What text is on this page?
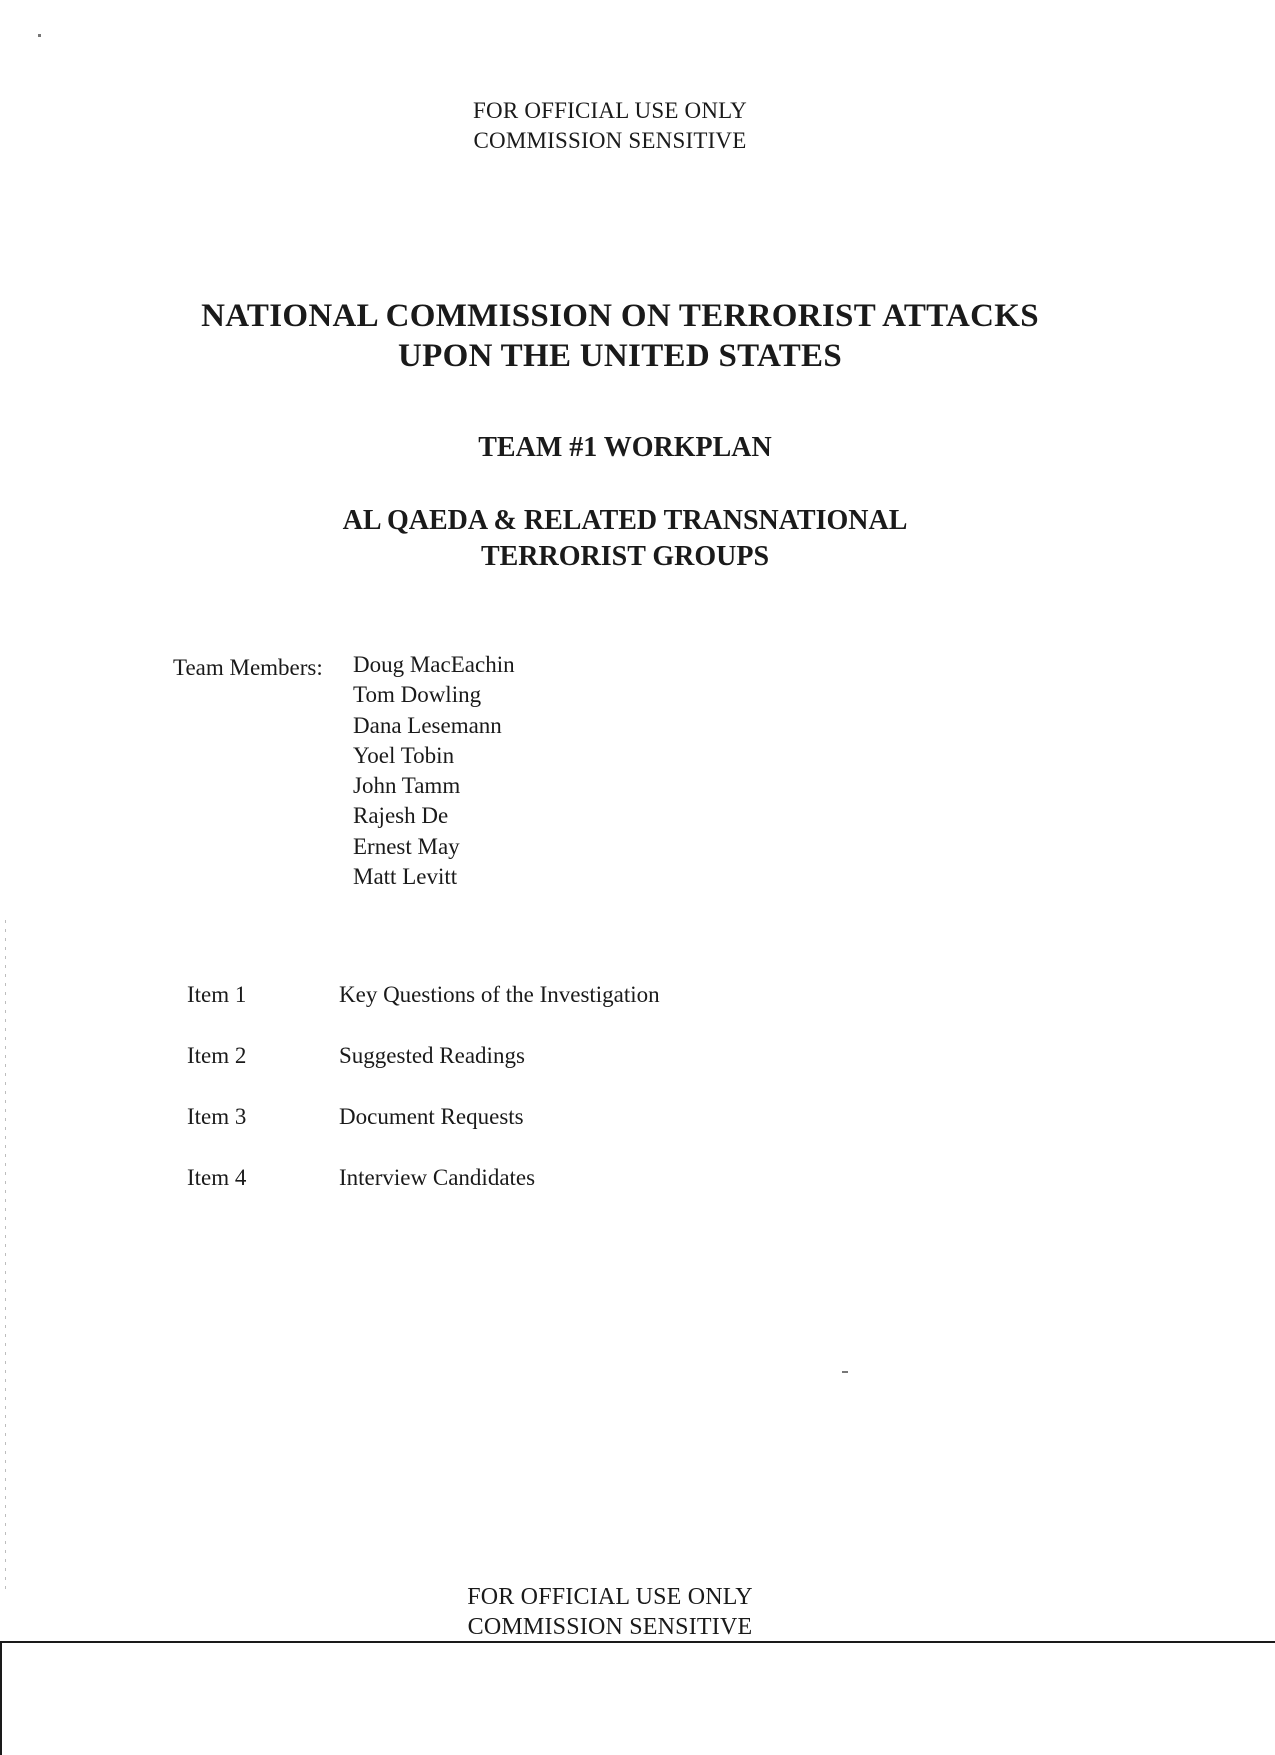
FOR OFFICIAL USE ONLY
COMMISSION SENSITIVE
NATIONAL COMMISSION ON TERRORIST ATTACKS
UPON THE UNITED STATES
TEAM #1 WORKPLAN
AL QAEDA & RELATED TRANSNATIONAL
TERRORIST GROUPS
Team Members: Doug MacEachin
Tom Dowling
Dana Lesemann
Yoel Tobin
John Tamm
Rajesh De
Ernest May
Matt Levitt
Item 1	Key Questions of the Investigation
Item 2	Suggested Readings
Item 3	Document Requests
Item 4	Interview Candidates
FOR OFFICIAL USE ONLY
COMMISSION SENSITIVE
